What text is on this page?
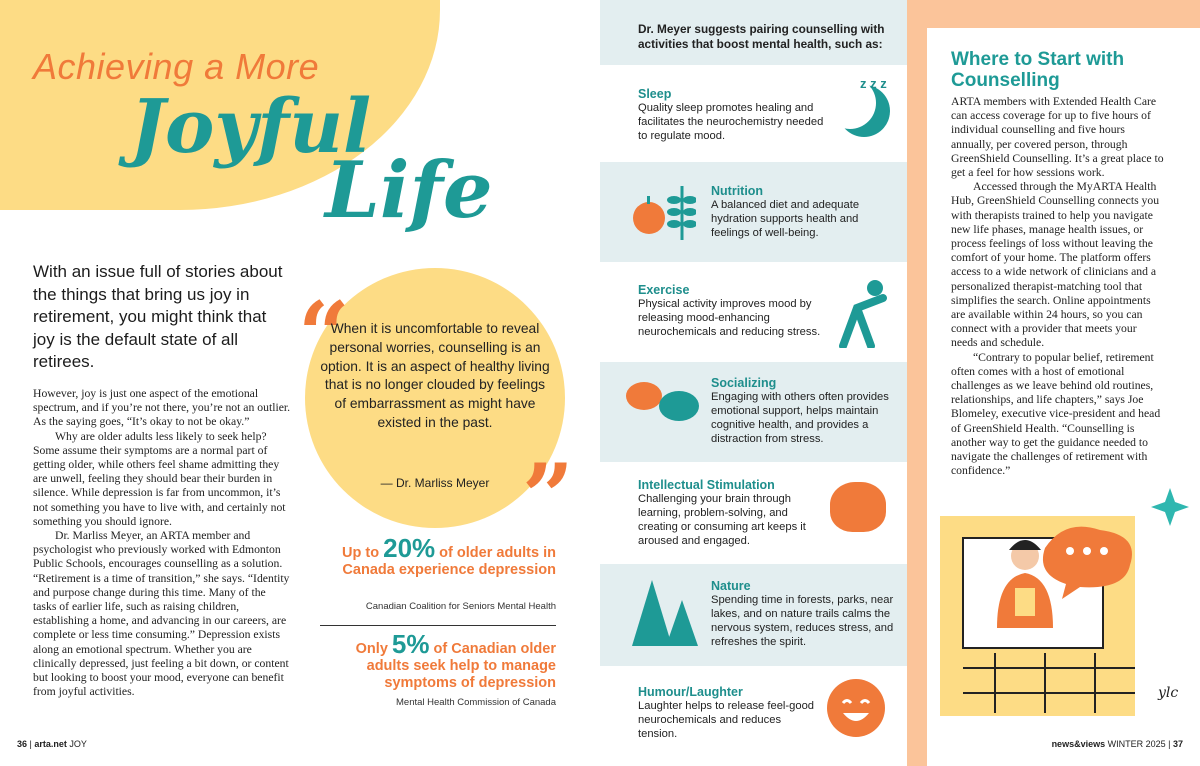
Achieving a More
Joyful
Life
With an issue full of stories about the things that bring us joy in retirement, you might think that joy is the default state of all retirees.

However, joy is just one aspect of the emotional spectrum, and if you’re not there, you’re not an outlier. As the saying goes, “It’s okay to not be okay.”

Why are older adults less likely to seek help? Some assume their symptoms are a normal part of getting older, while others feel shame admitting they are unwell, feeling they should bear their burden in silence. While depression is far from uncommon, it’s not something you have to live with, and certainly not something you should ignore.

Dr. Marliss Meyer, an ARTA member and psychologist who previously worked with Edmonton Public Schools, encourages counselling as a solution. “Retirement is a time of transition,” she says. “Identity and purpose change during this time. Many of the tasks of earlier life, such as raising children, establishing a home, and advancing in our careers, are complete or less time consuming.” Depression exists along an emotional spectrum. Whether you are clinically depressed, just feeling a bit down, or content but looking to boost your mood, everyone can benefit from joyful activities.

“
”
When it is uncomfortable to reveal personal worries, counselling is an option. It is an aspect of healthy living that is no longer clouded by feelings of embarrassment as might have existed in the past.
— Dr. Marliss Meyer
Up to 20% of older adults in Canada experience depression
Canadian Coalition for Seniors Mental Health
Only 5% of Canadian older adults seek help to manage symptoms of depression
Mental Health Commission of Canada
Dr. Meyer suggests pairing counselling with activities that boost mental health, such as:
Sleep
Quality sleep promotes healing and facilitates the neurochemistry needed to regulate mood.
z z z
Nutrition
A balanced diet and adequate hydration supports health and feelings of well-being.
Exercise
Physical activity improves mood by releasing mood-enhancing neurochemicals and reducing stress.
Socializing
Engaging with others often provides emotional support, helps maintain cognitive health, and provides a distraction from stress.
Intellectual Stimulation
Challenging your brain through learning, problem-solving, and creating or consuming art keeps it aroused and engaged.
Nature
Spending time in forests, parks, near lakes, and on nature trails calms the nervous system, reduces stress, and refreshes the spirit.
Humour/Laughter
Laughter helps to release feel-good neurochemicals and reduces tension.
Where to Start with Counselling

ARTA members with Extended Health Care can access coverage for up to five hours of individual counselling and five hours annually, per covered person, through GreenShield Counselling. It’s a great place to get a feel for how sessions work.

Accessed through the MyARTA Health Hub, GreenShield Counselling connects you with therapists trained to help you navigate new life phases, manage health issues, or process feelings of loss without leaving the comfort of your home. The platform offers access to a wide network of clinicians and a personalized therapist-matching tool that simplifies the search. Online appointments are available within 24 hours, so you can connect with a provider that meets your needs and schedule.

“Contrary to popular belief, retirement often comes with a host of emotional challenges as we leave behind old routines, relationships, and life chapters,” says Joe Blomeley, executive vice-president and head of GreenShield Health. “Counselling is another way to get the guidance needed to navigate the challenges of retirement with confidence.”

ylc
36 | arta.net JOY	news&views WINTER 2025 | 37
